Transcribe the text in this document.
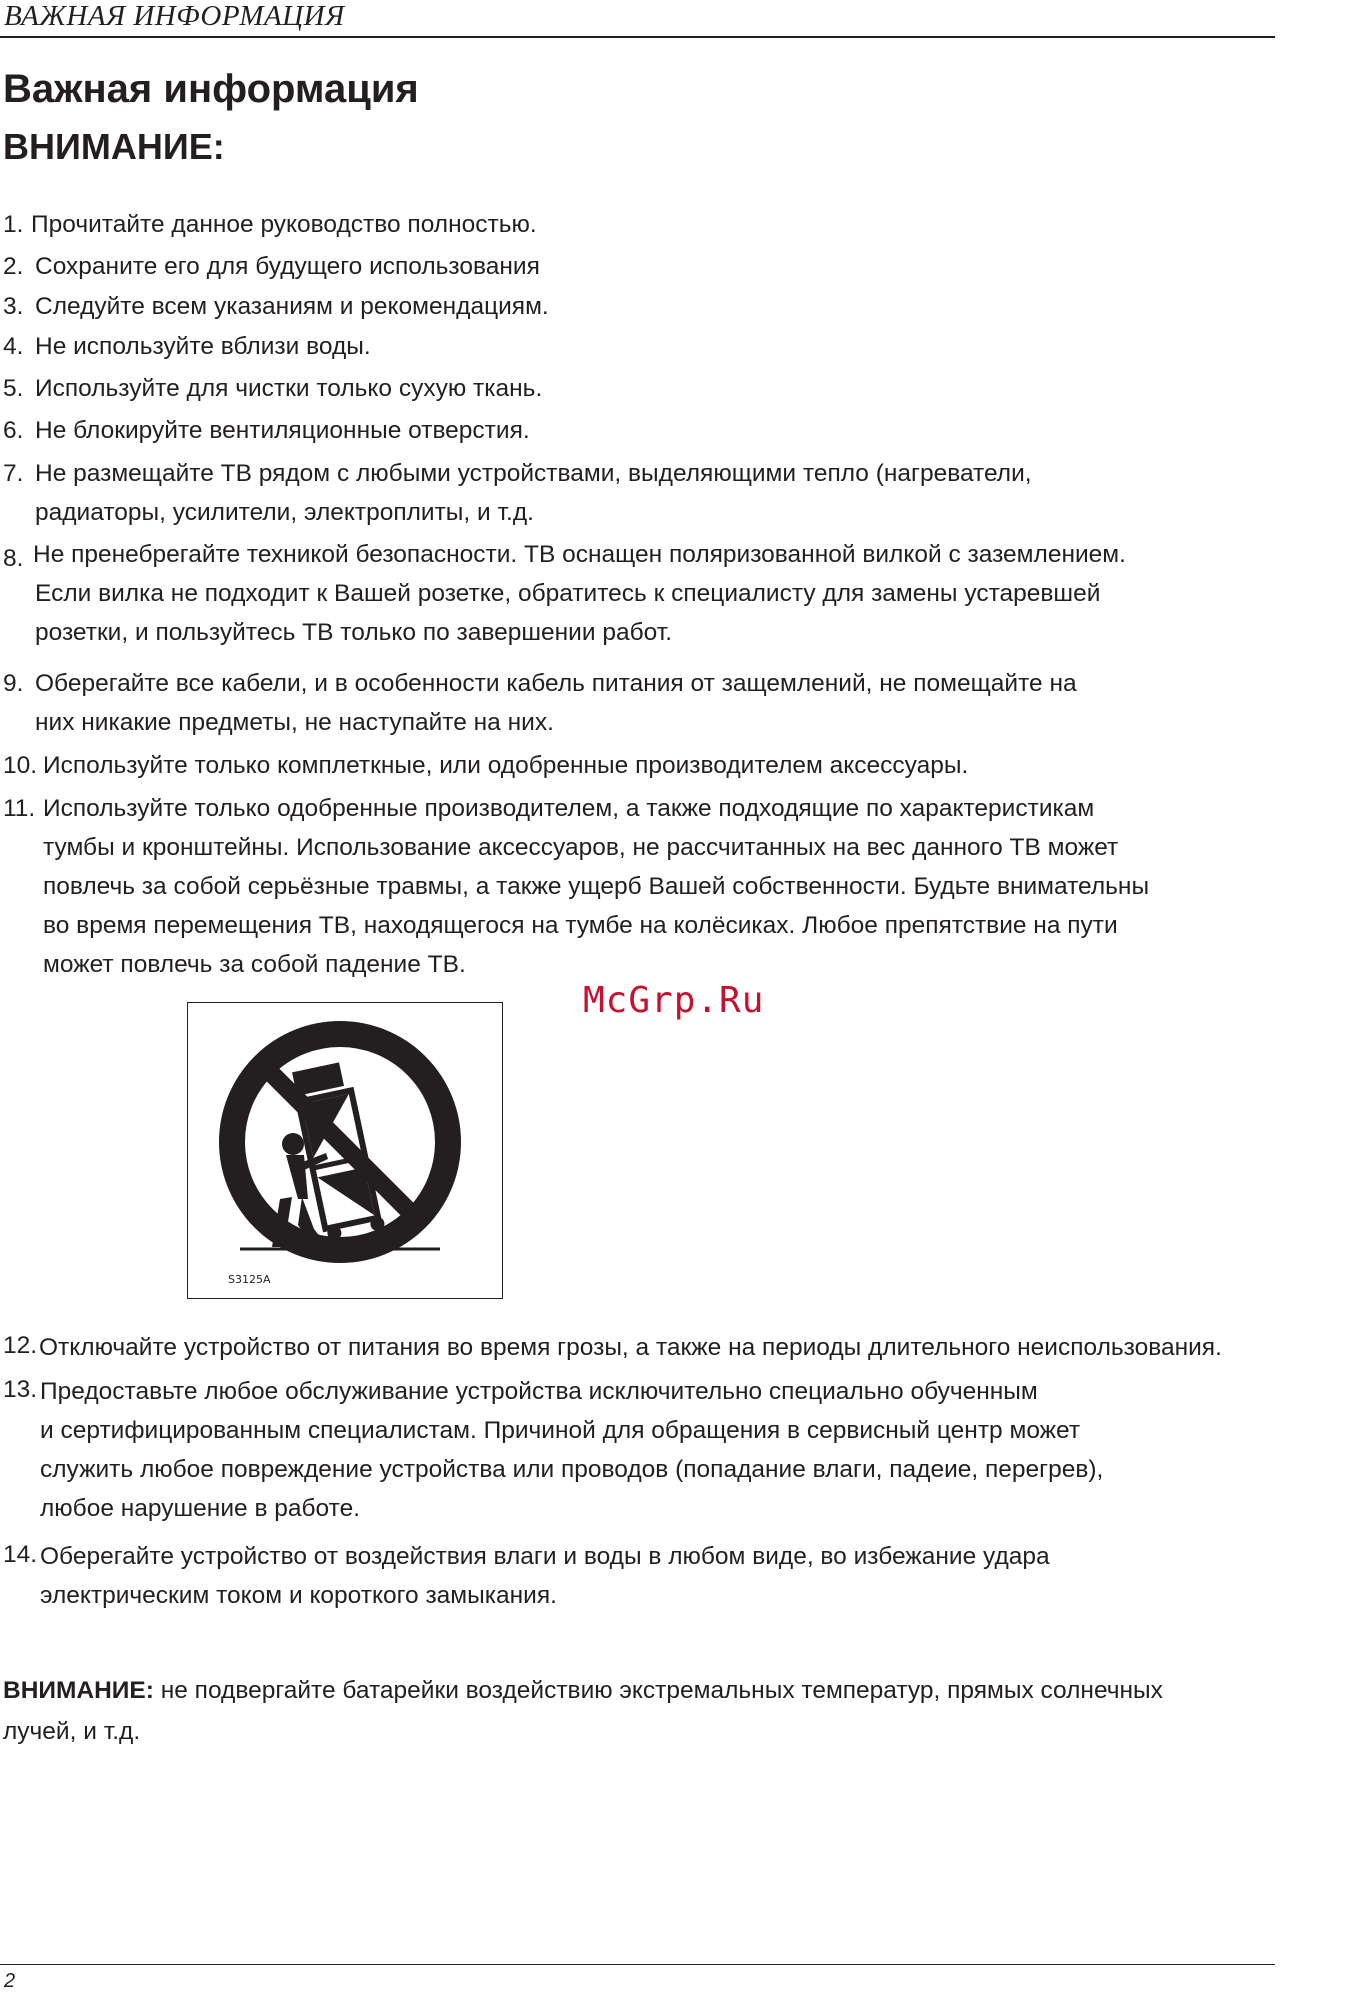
ВАЖНАЯ ИНФОРМАЦИЯ
Важная информация
ВНИМАНИЕ:
1. Прочитайте данное руководство полностью.
2. Сохраните его для будущего использования
3. Следуйте всем указаниям и рекомендациям.
4. Не используйте вблизи воды.
5. Используйте для чистки только сухую ткань.
6. Не блокируйте вентиляционные отверстия.
7. Не размещайте ТВ рядом с любыми устройствами, выделяющими тепло (нагреватели,
радиаторы, усилители, электроплиты, и т.д.
8. Не пренебрегайте техникой безопасности. ТВ оснащен поляризованной вилкой с заземлением.
Если вилка не подходит к Вашей розетке, обратитесь к специалисту для замены устаревшей
розетки, и пользуйтесь ТВ только по завершении работ.
9. Оберегайте все кабели, и в особенности кабель питания от защемлений, не помещайте на
них никакие предметы, не наступайте на них.
10. Используйте только комплеткные, или одобренные производителем аксессуары.
11. Используйте только одобренные производителем, а также подходящие по характеристикам
тумбы и кронштейны. Использование аксессуаров, не рассчитанных на вес данного ТВ может
повлечь за собой серьёзные травмы, а также ущерб Вашей собственности. Будьте внимательны
во время перемещения ТВ, находящегося на тумбе на колёсиках. Любое препятствие на пути
может повлечь за собой падение ТВ.
S3125A
McGrp.Ru
12. Отключайте устройство от питания во время грозы, а также на периоды длительного неиспользования.
13. Предоставьте любое обслуживание устройства исключительно специально обученным
и сертифицированным специалистам. Причиной для обращения в сервисный центр может
служить любое повреждение устройства или проводов (попадание влаги, падеие, перегрев),
любое нарушение в работе.
14. Оберегайте устройство от воздействия влаги и воды в любом виде, во избежание удара
электрическим током и короткого замыкания.
ВНИМАНИЕ: не подвергайте батарейки воздействию экстремальных температур, прямых солнечных лучей, и т.д.
2
